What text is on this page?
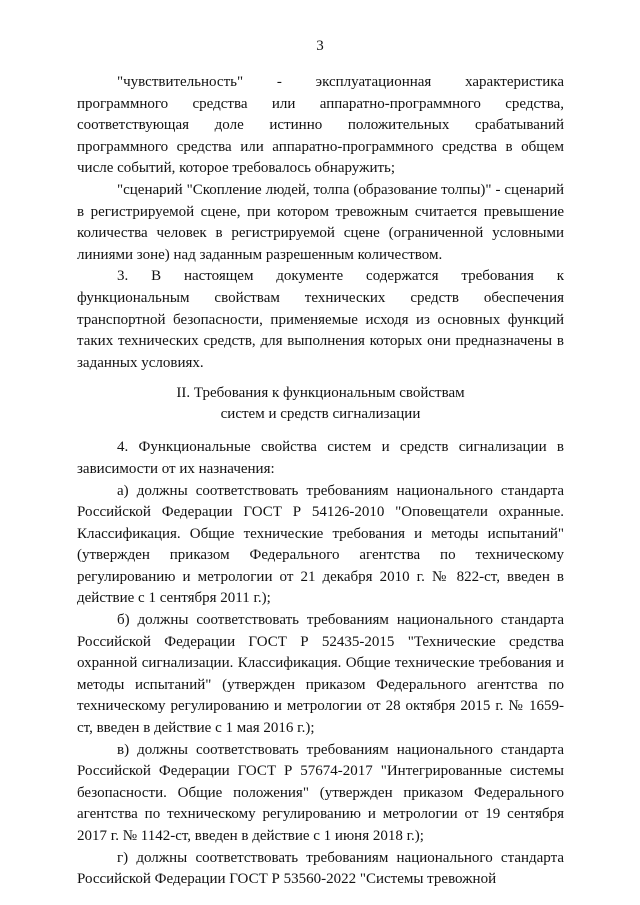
3

"чувствительность" - эксплуатационная характеристика программного средства или аппаратно-программного средства, соответствующая доле истинно положительных срабатываний программного средства или аппаратно-программного средства в общем числе событий, которое требовалось обнаружить;

"сценарий "Скопление людей, толпа (образование толпы)" - сценарий в регистрируемой сцене, при котором тревожным считается превышение количества человек в регистрируемой сцене (ограниченной условными линиями зоне) над заданным разрешенным количеством.

3. В настоящем документе содержатся требования к функциональным свойствам технических средств обеспечения транспортной безопасности, применяемые исходя из основных функций таких технических средств, для выполнения которых они предназначены в заданных условиях.

II. Требования к функциональным свойствам
систем и средств сигнализации

4. Функциональные свойства систем и средств сигнализации в зависимости от их назначения:

а) должны соответствовать требованиям национального стандарта Российской Федерации ГОСТ Р 54126-2010 "Оповещатели охранные. Классификация. Общие технические требования и методы испытаний" (утвержден приказом Федерального агентства по техническому регулированию и метрологии от 21 декабря 2010 г. № 822-ст, введен в действие с 1 сентября 2011 г.);

б) должны соответствовать требованиям национального стандарта Российской Федерации ГОСТ Р 52435-2015 "Технические средства охранной сигнализации. Классификация. Общие технические требования и методы испытаний" (утвержден приказом Федерального агентства по техническому регулированию и метрологии от 28 октября 2015 г. № 1659-ст, введен в действие с 1 мая 2016 г.);

в) должны соответствовать требованиям национального стандарта Российской Федерации ГОСТ Р 57674-2017 "Интегрированные системы безопасности. Общие положения" (утвержден приказом Федерального агентства по техническому регулированию и метрологии от 19 сентября 2017 г. № 1142-ст, введен в действие с 1 июня 2018 г.);

г) должны соответствовать требованиям национального стандарта Российской Федерации ГОСТ Р 53560-2022 "Системы тревожной
